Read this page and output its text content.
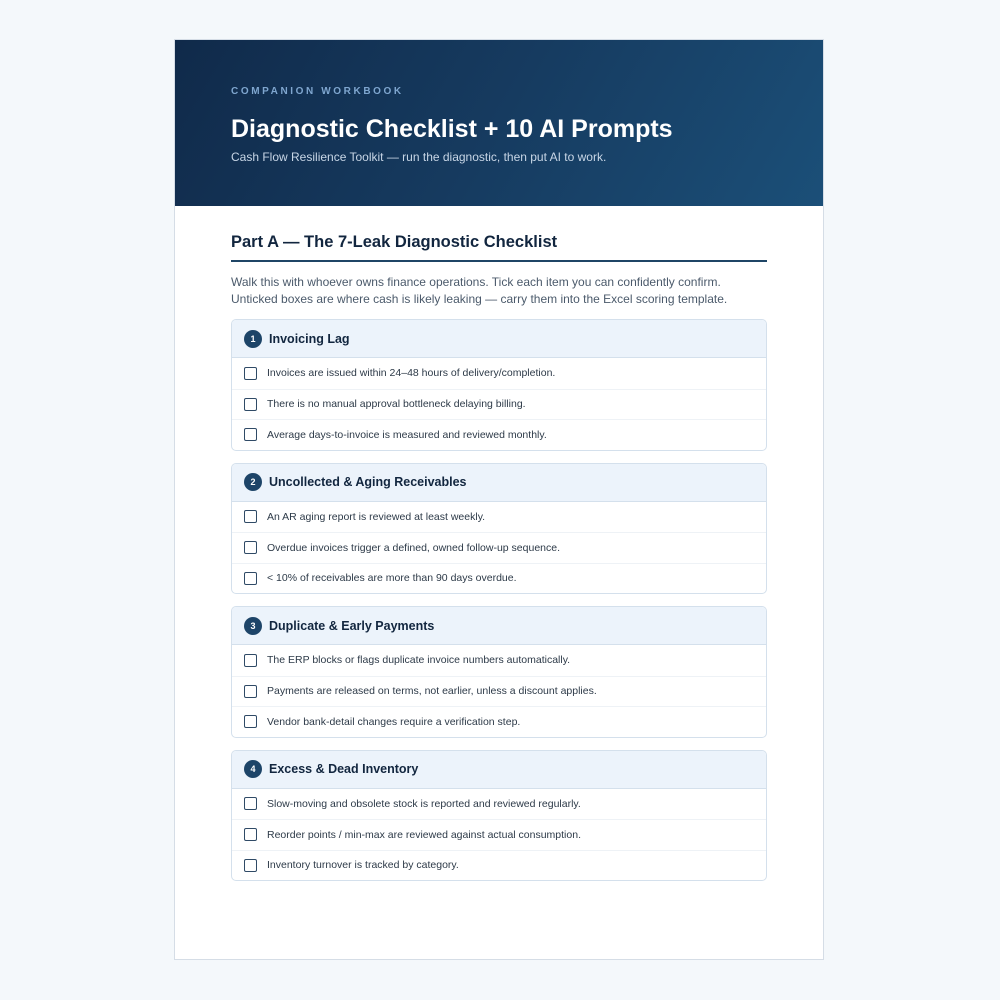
COMPANION WORKBOOK

Diagnostic Checklist + 10 AI Prompts

Cash Flow Resilience Toolkit — run the diagnostic, then put AI to work.

Part A — The 7-Leak Diagnostic Checklist

Walk this with whoever owns finance operations. Tick each item you can confidently confirm. Unticked boxes are where cash is likely leaking — carry them into the Excel scoring template.

1	Invoicing Lag
Invoices are issued within 24–48 hours of delivery/completion.
There is no manual approval bottleneck delaying billing.
Average days-to-invoice is measured and reviewed monthly.
2	Uncollected & Aging Receivables
An AR aging report is reviewed at least weekly.
Overdue invoices trigger a defined, owned follow-up sequence.
< 10% of receivables are more than 90 days overdue.
3	Duplicate & Early Payments
The ERP blocks or flags duplicate invoice numbers automatically.
Payments are released on terms, not earlier, unless a discount applies.
Vendor bank-detail changes require a verification step.
4	Excess & Dead Inventory
Slow-moving and obsolete stock is reported and reviewed regularly.
Reorder points / min-max are reviewed against actual consumption.
Inventory turnover is tracked by category.
